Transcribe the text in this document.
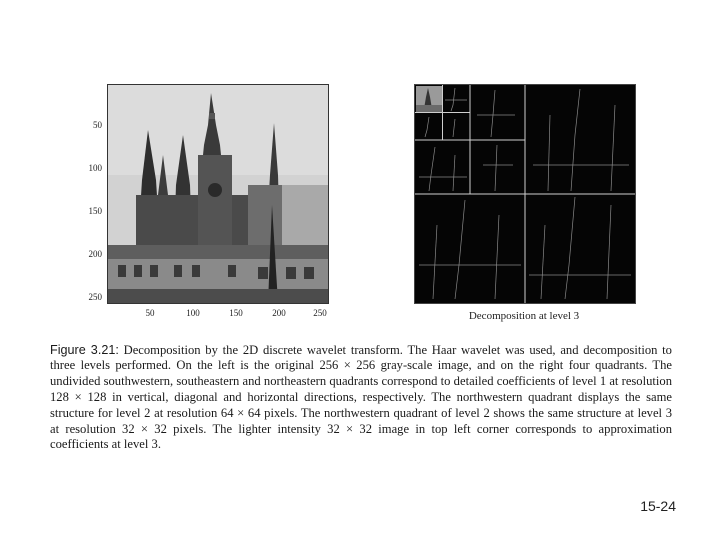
50
100
150
200
250
50	100	150	200	250	Decomposition at level 3

Figure 3.21: Decomposition by the 2D discrete wavelet transform. The Haar wavelet was used, and decomposition to three levels performed. On the left is the original 256 × 256 gray-scale image, and on the right four quadrants. The undivided southwestern, southeastern and northeastern quadrants correspond to detailed coefficients of level 1 at resolution 128 × 128 in vertical, diagonal and horizontal directions, respectively. The northwestern quadrant displays the same structure for level 2 at resolution 64 × 64 pixels. The northwestern quadrant of level 2 shows the same structure at level 3 at resolution 32 × 32 pixels. The lighter intensity 32 × 32 image in top left corner corresponds to approximation coefficients at level 3.

15-24
